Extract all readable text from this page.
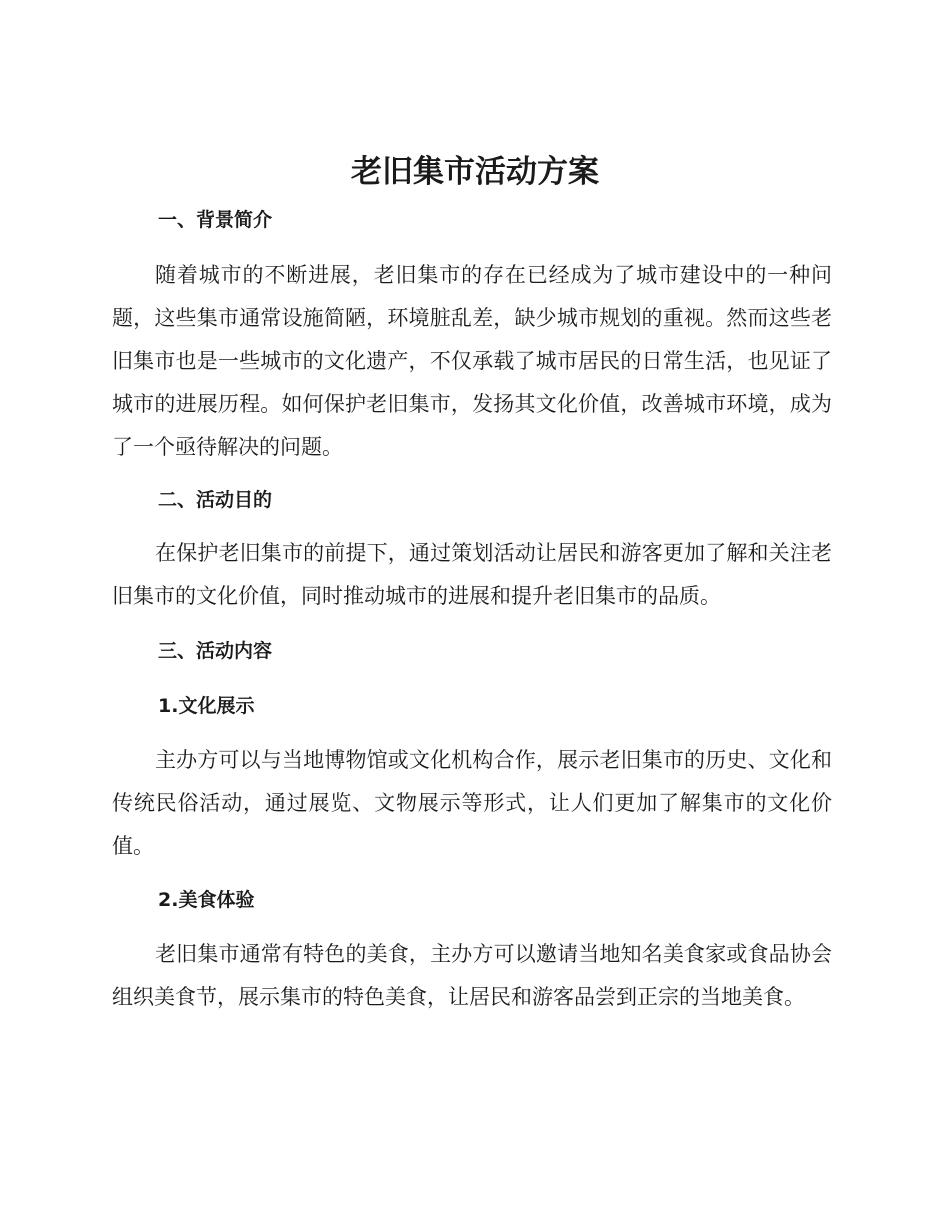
老旧集市活动方案
一、背景简介

随着城市的不断进展，老旧集市的存在已经成为了城市建设中的一种问题，这些集市通常设施简陋，环境脏乱差，缺少城市规划的重视。然而这些老旧集市也是一些城市的文化遗产，不仅承载了城市居民的日常生活，也见证了城市的进展历程。如何保护老旧集市，发扬其文化价值，改善城市环境，成为了一个亟待解决的问题。

二、活动目的

在保护老旧集市的前提下，通过策划活动让居民和游客更加了解和关注老旧集市的文化价值，同时推动城市的进展和提升老旧集市的品质。

三、活动内容
1.文化展示

主办方可以与当地博物馆或文化机构合作，展示老旧集市的历史、文化和传统民俗活动，通过展览、文物展示等形式，让人们更加了解集市的文化价值。

2.美食体验

老旧集市通常有特色的美食，主办方可以邀请当地知名美食家或食品协会组织美食节，展示集市的特色美食，让居民和游客品尝到正宗的当地美食。
